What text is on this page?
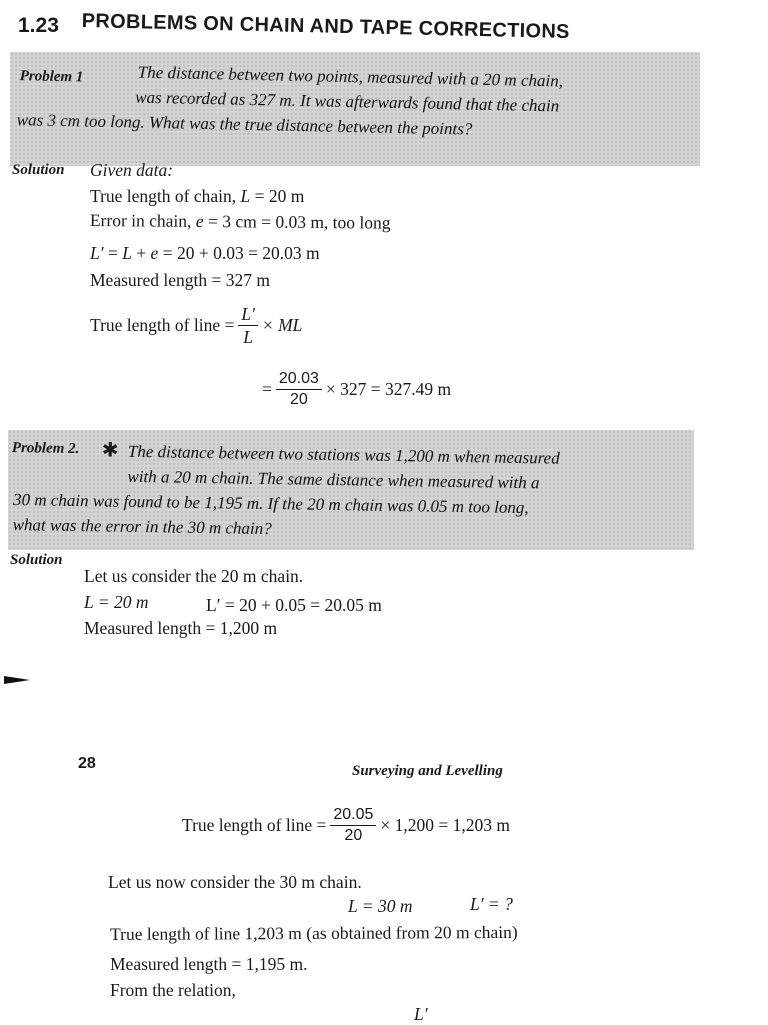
1.23 PROBLEMS ON CHAIN AND TAPE CORRECTIONS
Problem 1	The distance between two points, measured with a 20 m chain,
was recorded as 327 m. It was afterwards found that the chain
was 3 cm too long. What was the true distance between the points?
Solution Given data:
True length of chain, L = 20 m
Error in chain, e = 3 cm = 0.03 m, too long
L′ = L + e = 20 + 0.03 = 20.03 m
Measured length = 327 m
True length of line = $\frac{L'}{L}$ × ML
= $\frac{20.03}{20} \times 327 = 327.49$ m
Problem 2. ✱ The distance between two stations was 1,200 m when measured
with a 20 m chain. The same distance when measured with a
30 m chain was found to be 1,195 m. If the 20 m chain was 0.05 m too long,
what was the error in the 30 m chain?
Solution
Let us consider the 20 m chain.
L = 20 m	L′ = 20 + 0.05 = 20.05 m
Measured length = 1,200 m
28	Surveying and Levelling
True length of line = $\frac{20.05}{20} \times 1,200 = 1,203$ m
Let us now consider the 30 m chain.
L = 30 m	L′ = ?
True length of line 1,203 m (as obtained from 20 m chain)
Measured length = 1,195 m.
From the relation,
L′
